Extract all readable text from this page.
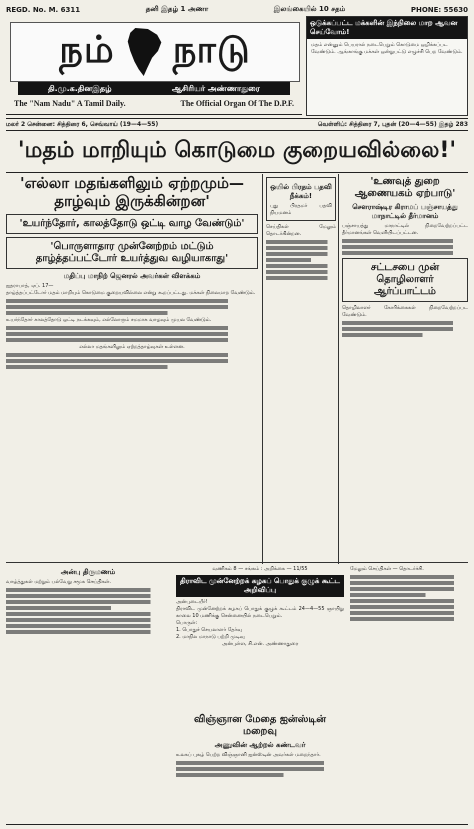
REGD. No. M. 6311	தனி இதழ் 1 அணா	இலங்கையில் 10 சதம்	PHONE: 55630
நம் நாடு
தி.மு.க.தினஇதழ்	ஆசிரியர் அண்ணாதுரை
The "Nam Nadu" A Tamil Daily.	The Official Organ Of The D.P.F.
ஒடுக்கப்பட்ட மக்களின் இந்நிலை மாற ஆவன செய்வோம்!
மதம் என்னும் பெயரால் நடைபெறும் கொடுமை ஒழிக்கப்பட வேண்டும். ஆங்காங்கு மக்கள் ஒன்றுபட்டு எழுச்சி பெற வேண்டும்.
மலர் 2 சென்னை: சித்திரை 6, செவ்வாய் (19—4—55)	வெள்ளிப்: சித்திரை 7, புதன் (20—4—55) இதழ் 283
'மதம் மாறியும் கொடுமை குறையவில்லை!'
'எல்லா மதங்களிலும் ஏற்றமும்— தாழ்வும் இருக்கின்றன'
'உயர்ந்தோர், காலத்தோடு ஒட்டி வாழ வேண்டும்'
'பொருளாதார முன்னேற்றம் மட்டும் தாழ்த்தப்பட்டோர் உயர்த்துவ வழியாகாது'
மதிப்பு மாநிற் ஜெனரல் அவர்கள் விளக்கம்
ஐதராபாத், ஏப். 17—
தாழ்த்தப்பட்டோர் மதம் மாறியும் கொடுமை குறையவில்லை என்று கூறப்பட்டது. மக்கள் நிலைமாற வேண்டும்.
உயர்ந்தோர் காலத்தோடு ஒட்டி நடக்கவும், எல்லோரும் சமமாக வாழவும் முயல வேண்டும்.
எல்லா மதங்களிலும் ஏற்றத்தாழ்வுகள் உள்ளன.
ஒயில் பிரதம் பதவி நீக்கம்!
புது பிரதமர் பதவி நியமனம்
செய்திகள் மேலும் தொடர்கின்றன.
'உணவுத் துறை ஆணையகம் ஏற்பாடு'
சௌராஷ்டிர கிராமப் பஞ்சாயத்து மாநாட்டில் தீர்மானம்
பஞ்சாயத்து மாநாட்டில் நிறைவேற்றப்பட்ட தீர்மானங்கள் வெளியிடப்பட்டன.
சட்டசபை முன் தொழிலாளர் ஆர்ப்பாட்டம்
தொழிலாளர் கோரிக்கைகள் நிறைவேற்றப்பட வேண்டும்.
வணிகம் 8 — சங்கம் : அறிக்கை — 11/55
திராவிட முன்னேற்றக் கழகப் பொதுக் குழுக் கூட்ட அறிவிப்பு
அன்புடையீர்!
திராவிட முன்னேற்றக் கழகப் பொதுக் குழுக் கூட்டம் 24—4—55 ஞாயிறு காலை 10 மணிக்கு சென்னையில் நடைபெறும்.
பொருள்:
1. பொதுச் செயலாளர் தேர்வு
2. மாநில மாநாடு பற்றி முடிவு
அன்புள்ள, சி.என். அண்ணாதுரை
அன்பு திருமணம்
வாழ்த்துகள் மற்றும் பல்வேறு சமூக செய்திகள்.
விஞ்ஞான மேதை ஐன்ஸ்டின் மறைவு
அணுவின் ஆற்றல் கண்டவர்
உலகப் புகழ் பெற்ற விஞ்ஞானி ஐன்ஸ்டின் அவர்கள் மறைந்தார்.
மேலும் செய்திகள் — தொடர்ச்சி.
